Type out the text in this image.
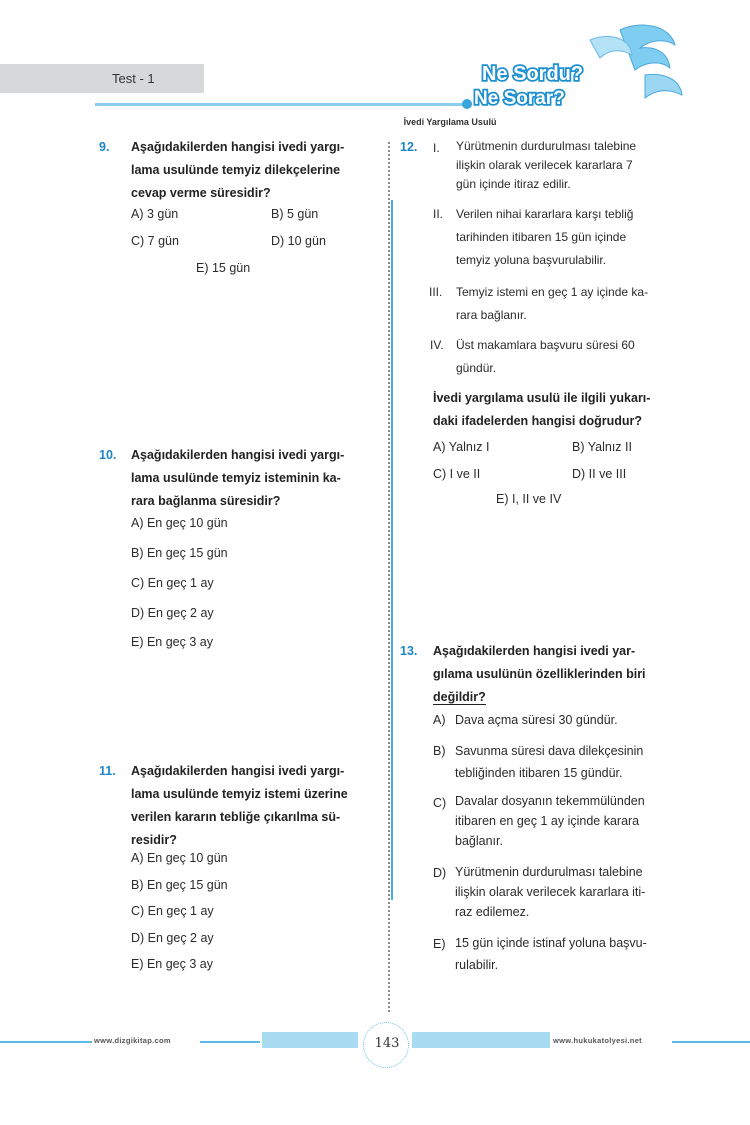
Test - 1	Ne Sordu?
Ne Sorar?
İvedi Yargılama Usulü
9. Aşağıdakilerden hangisi ivedi yargı-
lama usulünde temyiz dilekçelerine
cevap verme süresidir?
A) 3 gün	B) 5 gün
C) 7 gün	D) 10 gün
E) 15 gün
10. Aşağıdakilerden hangisi ivedi yargı-
lama usulünde temyiz isteminin ka-
rara bağlanma süresidir?
A) En geç 10 gün
B) En geç 15 gün
C) En geç 1 ay
D) En geç 2 ay
E) En geç 3 ay
11. Aşağıdakilerden hangisi ivedi yargı-
lama usulünde temyiz istemi üzerine
verilen kararın tebliğe çıkarılma sü-
residir?
A) En geç 10 gün
B) En geç 15 gün
C) En geç 1 ay
D) En geç 2 ay
E) En geç 3 ay
12. I. Yürütmenin durdurulması talebine
ilişkin olarak verilecek kararlara 7
gün içinde itiraz edilir.
II. Verilen nihai kararlara karşı tebliğ
tarihinden itibaren 15 gün içinde
temyiz yoluna başvurulabilir.
III. Temyiz istemi en geç 1 ay içinde ka-
rara bağlanır.
IV. Üst makamlara başvuru süresi 60
gündür.
İvedi yargılama usulü ile ilgili yukarı-
daki ifadelerden hangisi doğrudur?
A) Yalnız I	B) Yalnız II
C) I ve II	D) II ve III
E) I, II ve IV
13. Aşağıdakilerden hangisi ivedi yar-
gılama usulünün özelliklerinden biri
değildir?
A) Dava açma süresi 30 gündür.
B) Savunma süresi dava dilekçesinin
tebliğinden itibaren 15 gündür.
C) Davalar dosyanın tekemmülünden
itibaren en geç 1 ay içinde karara
bağlanır.
D) Yürütmenin durdurulması talebine
ilişkin olarak verilecek kararlara iti-
raz edilemez.
E) 15 gün içinde istinaf yoluna başvu-
rulabilir.
www.dizgikitap.com	143	www.hukukatolyesi.net
